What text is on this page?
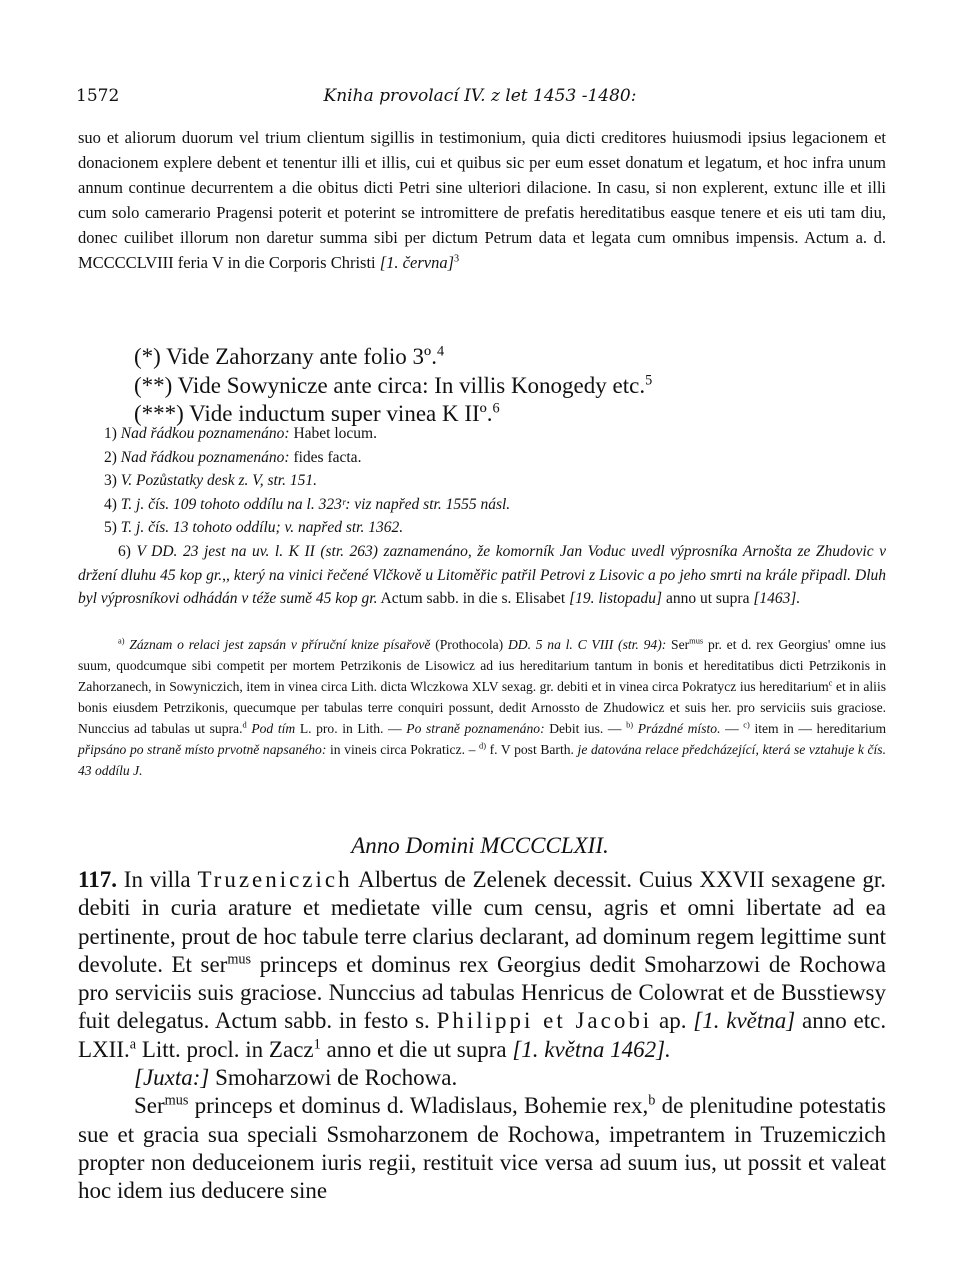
1572	Kniha provolací IV. z let 1453 -1480:

suo et aliorum duorum vel trium clientum sigillis in testimonium, quia dicti creditores huiusmodi ipsius legacionem et donacionem explere debent et tenentur illi et illis, cui et quibus sic per eum esset donatum et legatum, et hoc infra unum annum continue decurrentem a die obitus dicti Petri sine ulteriori dilacione. In casu, si non explerent, extunc ille et illi cum solo camerario Pragensi poterit et poterint se intromittere de prefatis hereditatibus easque tenere et eis uti tam diu, donec cuilibet illorum non daretur summa sibi per dictum Petrum data et legata cum omnibus impensis. Actum a. d. MCCCCLVIII feria V in die Corporis Christi [1. června]$^3$

(*) Vide Zahorzany ante folio 3º.$^4$
(**) Vide Sowynicze ante circa: In villis Konogedy etc.$^5$
(***) Vide inductum super vinea K IIº.$^6$

1) Nad řádkou poznamenáno: Habet locum.

2) Nad řádkou poznamenáno: fides facta.

3) V. Pozůstatky desk z. V, str. 151.

4) T. j. čís. 109 tohoto oddílu na l. 323ʳ: viz napřed str. 1555 násl.

5) T. j. čís. 13 tohoto oddílu; v. napřed str. 1362.

6) V DD. 23 jest na uv. l. K II (str. 263) zaznamenáno, že komorník Jan Voduc uvedl výprosníka Arnošta ze Zhudovic v držení dluhu 45 kop gr.,, který na vinici řečené Vlčkově u Litoměřic patřil Petrovi z Lisovic a po jeho smrti na krále připadl. Dluh byl výprosníkovi odhádán v téže sumě 45 kop gr. Actum sabb. in die s. Elisabet [19. listopadu] anno ut supra [1463].

$^{a)}$ Záznam o relaci jest zapsán v příruční knize písařově (Prothocola) DD. 5 na l. C VIII (str. 94): Ser$^{mus}$ pr. et d. rex Georgius' omne ius suum, quodcumque sibi competit per mortem Petrzikonis de Lisowicz ad ius hereditarium tantum in bonis et hereditatibus dicti Petrzikonis in Zahorzanech, in Sowyniczich, item in vinea circa Lith. dicta Wlczkowa XLV sexag. gr. debiti et in vinea circa Pokratycz ius hereditarium$^c$ et in aliis bonis eiusdem Petrzikonis, quecumque per tabulas terre conquiri possunt, dedit Arnossto de Zhudowicz et suis her. pro serviciis suis graciose. Nunccius ad tabulas ut supra.$^d$ Pod tím L. pro. in Lith. — Po straně poznamenáno: Debit ius. — $^{b)}$ Prázdné místo. — $^{c)}$ item in — hereditarium připsáno po straně místo prvotně napsaného: in vineis circa Pokraticz. – $^{d)}$ f. V post Barth. je datována relace předcházející, která se vztahuje k čís. 43 oddílu J.

Anno Domini MCCCCLXII.

117. In villa Truzeniczich Albertus de Zelenek decessit. Cuius XXVII sexagene gr. debiti in curia arature et medietate ville cum censu, agris et omni libertate ad ea pertinente, prout de hoc tabule terre clarius declarant, ad dominum regem legittime sunt devolute. Et ser$^{mus}$ princeps et dominus rex Georgius dedit Smoharzowi de Rochowa pro serviciis suis graciose. Nunccius ad tabulas Henricus de Colowrat et de Busstiewsy fuit delegatus. Actum sabb. in festo s. Philippi et Jacobi ap. [1. května] anno etc. LXII.$^a$ Litt. procl. in Zacz$^1$ anno et die ut supra [1. května 1462].

[Juxta:] Smoharzowi de Rochowa.

Ser$^{mus}$ princeps et dominus d. Wladislaus, Bohemie rex,$^b$ de plenitudine potestatis sue et gracia sua speciali Ssmoharzonem de Rochowa, impetrantem in Truzemiczich propter non deduceionem iuris regii, restituit vice versa ad suum ius, ut possit et valeat hoc idem ius deducere sine
